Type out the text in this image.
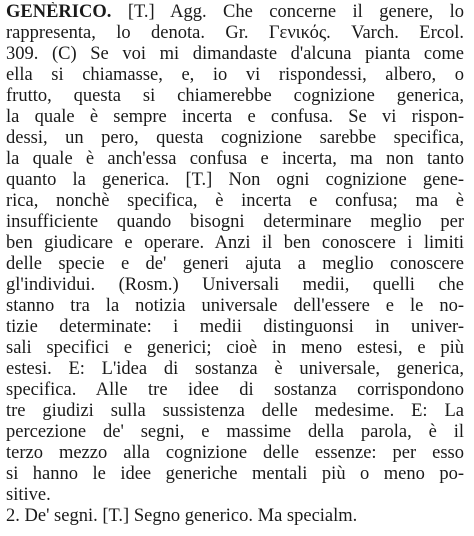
GENÈRICO. [T.] Agg. Che concerne il genere, lo
rappresenta, lo denota. Gr. Γενικός. Varch. Ercol.
309. (C) Se voi mi dimandaste d'alcuna pianta come
ella si chiamasse, e, io vi rispondessi, albero, o
frutto, questa si chiamerebbe cognizione generica,
la quale è sempre incerta e confusa. Se vi rispon-
dessi, un pero, questa cognizione sarebbe specifica,
la quale è anch'essa confusa e incerta, ma non tanto
quanto la generica. [T.] Non ogni cognizione gene-
rica, nonchè specifica, è incerta e confusa; ma è
insufficiente quando bisogni determinare meglio per
ben giudicare e operare. Anzi il ben conoscere i limiti
delle specie e de' generi ajuta a meglio conoscere
gl'individui. (Rosm.) Universali medii, quelli che
stanno tra la notizia universale dell'essere e le no-
tizie determinate: i medii distinguonsi in univer-
sali specifici e generici; cioè in meno estesi, e più
estesi. E: L'idea di sostanza è universale, generica,
specifica. Alle tre idee di sostanza corrispondono
tre giudizi sulla sussistenza delle medesime. E: La
percezione de' segni, e massime della parola, è il
terzo mezzo alla cognizione delle essenze: per esso
si hanno le idee generiche mentali più o meno po-
sitive.
2. De' segni. [T.] Segno generico. Ma specialm.
